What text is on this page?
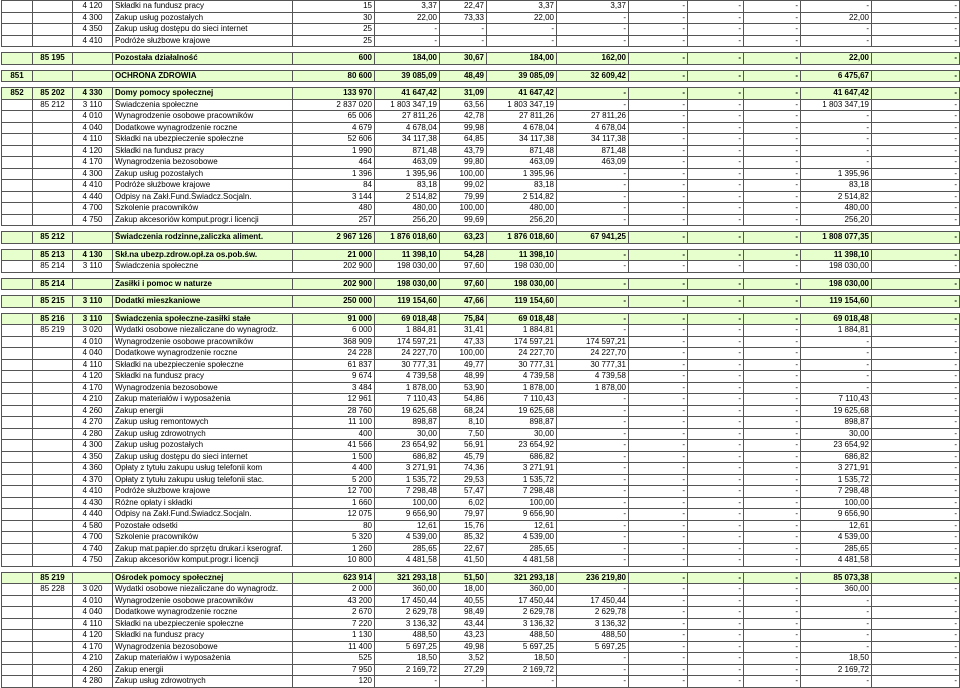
		4 120	Składki na fundusz pracy	15	3,37	22,47	3,37	3,37	-	-	-	-	-
		4 300	Zakup usług pozostałych	30	22,00	73,33	22,00	-	-	-	-	22,00	-
		4 350	Zakup usług dostępu do sieci internet	25	-	-	-	-	-	-	-	-	-
		4 410	Podróże służbowe krajowe	25	-	-	-	-	-	-	-	-	-

	85 195		Pozostała działalność	600	184,00	30,67	184,00	162,00	-	-	-	22,00	-

851			OCHRONA ZDROWIA	80 600	39 085,09	48,49	39 085,09	32 609,42	-	-	-	6 475,67	-

852	85 202	4 330	Domy pomocy społecznej	133 970	41 647,42	31,09	41 647,42	-	-	-	-	41 647,42	-
	85 212	3 110	Świadczenia społeczne	2 837 020	1 803 347,19	63,56	1 803 347,19	-	-	-	-	1 803 347,19	-
		4 010	Wynagrodzenie osobowe pracowników	65 006	27 811,26	42,78	27 811,26	27 811,26	-	-	-	-	-
		4 040	Dodatkowe wynagrodzenie roczne	4 679	4 678,04	99,98	4 678,04	4 678,04	-	-	-	-	-
		4 110	Składki na ubezpieczenie społeczne	52 606	34 117,38	64,85	34 117,38	34 117,38	-	-	-	-	-
		4 120	Składki na fundusz pracy	1 990	871,48	43,79	871,48	871,48	-	-	-	-	-
		4 170	Wynagrodzenia bezosobowe	464	463,09	99,80	463,09	463,09	-	-	-	-	-
		4 300	Zakup usług pozostałych	1 396	1 395,96	100,00	1 395,96	-	-	-	-	1 395,96	-
		4 410	Podróże służbowe krajowe	84	83,18	99,02	83,18	-	-	-	-	83,18	-
		4 440	Odpisy na Zakł.Fund.Świadcz.Socjaln.	3 144	2 514,82	79,99	2 514,82	-	-	-	-	2 514,82	-
		4 700	Szkolenie pracowników	480	480,00	100,00	480,00	-	-	-	-	480,00	-
		4 750	Zakup akcesoriów komput.progr.i licencji	257	256,20	99,69	256,20	-	-	-	-	256,20	-

	85 212		Świadczenia rodzinne,zaliczka aliment.	2 967 126	1 876 018,60	63,23	1 876 018,60	67 941,25	-	-	-	1 808 077,35	-

	85 213	4 130	Skł.na ubezp.zdrow.opł.za os.pob.św.	21 000	11 398,10	54,28	11 398,10	-	-	-	-	11 398,10	-
	85 214	3 110	Świadczenia społeczne	202 900	198 030,00	97,60	198 030,00	-	-	-	-	198 030,00	-

	85 214		Zasiłki i pomoc w naturze	202 900	198 030,00	97,60	198 030,00	-	-	-	-	198 030,00	-

	85 215	3 110	Dodatki mieszkaniowe	250 000	119 154,60	47,66	119 154,60	-	-	-	-	119 154,60	-

	85 216	3 110	Świadczenia społeczne-zasiłki stałe	91 000	69 018,48	75,84	69 018,48	-	-	-	-	69 018,48	-
	85 219	3 020	Wydatki osobowe niezaliczane do wynagrodz.	6 000	1 884,81	31,41	1 884,81	-	-	-	-	1 884,81	-
		4 010	Wynagrodzenie osobowe pracowników	368 909	174 597,21	47,33	174 597,21	174 597,21	-	-	-	-	-
		4 040	Dodatkowe wynagrodzenie roczne	24 228	24 227,70	100,00	24 227,70	24 227,70	-	-	-	-	-
		4 110	Składki na ubezpieczenie społeczne	61 837	30 777,31	49,77	30 777,31	30 777,31	-	-	-	-	-
		4 120	Składki na fundusz pracy	9 674	4 739,58	48,99	4 739,58	4 739,58	-	-	-	-	-
		4 170	Wynagrodzenia bezosobowe	3 484	1 878,00	53,90	1 878,00	1 878,00	-	-	-	-	-
		4 210	Zakup materiałów i wyposażenia	12 961	7 110,43	54,86	7 110,43	-	-	-	-	7 110,43	-
		4 260	Zakup energii	28 760	19 625,68	68,24	19 625,68	-	-	-	-	19 625,68	-
		4 270	Zakup usług remontowych	11 100	898,87	8,10	898,87	-	-	-	-	898,87	-
		4 280	Zakup usług zdrowotnych	400	30,00	7,50	30,00	-	-	-	-	30,00	-
		4 300	Zakup usług pozostałych	41 566	23 654,92	56,91	23 654,92	-	-	-	-	23 654,92	-
		4 350	Zakup usług dostępu do sieci internet	1 500	686,82	45,79	686,82	-	-	-	-	686,82	-
		4 360	Opłaty z tytułu zakupu usług telefonii kom	4 400	3 271,91	74,36	3 271,91	-	-	-	-	3 271,91	-
		4 370	Opłaty z tytułu zakupu usług telefonii stac.	5 200	1 535,72	29,53	1 535,72	-	-	-	-	1 535,72	-
		4 410	Podróże służbowe krajowe	12 700	7 298,48	57,47	7 298,48	-	-	-	-	7 298,48	-
		4 430	Różne opłaty i składki	1 660	100,00	6,02	100,00	-	-	-	-	100,00	-
		4 440	Odpisy na Zakł.Fund.Świadcz.Socjaln.	12 075	9 656,90	79,97	9 656,90	-	-	-	-	9 656,90	-
		4 580	Pozostałe odsetki	80	12,61	15,76	12,61	-	-	-	-	12,61	-
		4 700	Szkolenie pracowników	5 320	4 539,00	85,32	4 539,00	-	-	-	-	4 539,00	-
		4 740	Zakup mat.papier.do sprzętu drukar.i kserograf.	1 260	285,65	22,67	285,65	-	-	-	-	285,65	-
		4 750	Zakup akcesoriów komput.progr.i licencji	10 800	4 481,58	41,50	4 481,58	-	-	-	-	4 481,58	-

	85 219		Ośrodek pomocy społecznej	623 914	321 293,18	51,50	321 293,18	236 219,80	-	-	-	85 073,38	-
	85 228	3 020	Wydatki osobowe niezaliczane do wynagrodz.	2 000	360,00	18,00	360,00	-	-	-	-	360,00	-
		4 010	Wynagrodzenie osobowe pracowników	43 200	17 450,44	40,55	17 450,44	17 450,44	-	-	-	-	-
		4 040	Dodatkowe wynagrodzenie roczne	2 670	2 629,78	98,49	2 629,78	2 629,78	-	-	-	-	-
		4 110	Składki na ubezpieczenie społeczne	7 220	3 136,32	43,44	3 136,32	3 136,32	-	-	-	-	-
		4 120	Składki na fundusz pracy	1 130	488,50	43,23	488,50	488,50	-	-	-	-	-
		4 170	Wynagrodzenia bezosobowe	11 400	5 697,25	49,98	5 697,25	5 697,25	-	-	-	-	-
		4 210	Zakup materiałów i wyposażenia	525	18,50	3,52	18,50	-	-	-	-	18,50	-
		4 260	Zakup energii	7 950	2 169,72	27,29	2 169,72	-	-	-	-	2 169,72	-
		4 280	Zakup usług zdrowotnych	120	-	-	-	-	-	-	-	-	-
